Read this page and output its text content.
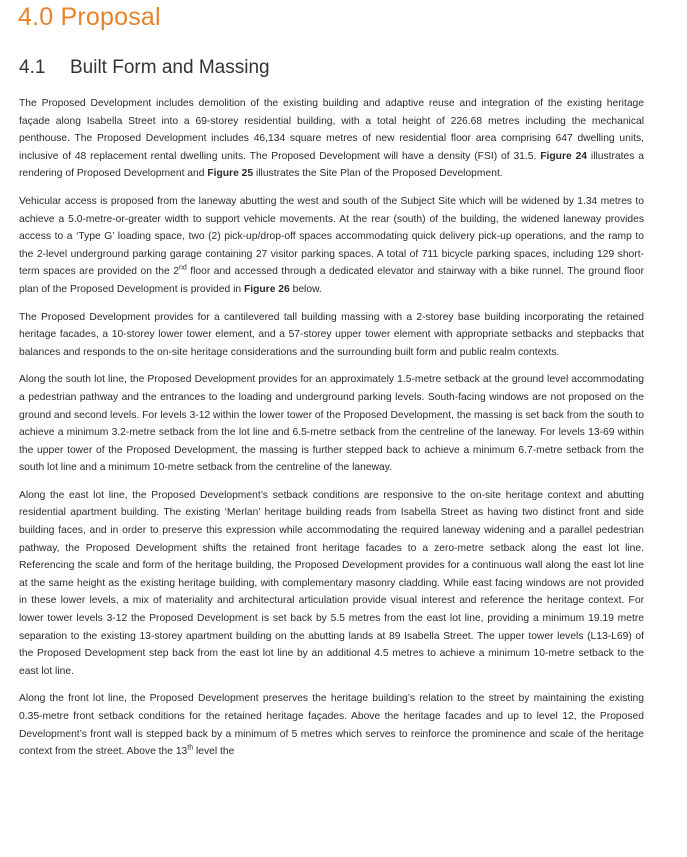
4.0 Proposal
4.1 Built Form and Massing

The Proposed Development includes demolition of the existing building and adaptive reuse and integration of the existing heritage façade along Isabella Street into a 69-storey residential building, with a total height of 226.68 metres including the mechanical penthouse. The Proposed Development includes 46,134 square metres of new residential floor area comprising 647 dwelling units, inclusive of 48 replacement rental dwelling units. The Proposed Development will have a density (FSI) of 31.5. Figure 24 illustrates a rendering of Proposed Development and Figure 25 illustrates the Site Plan of the Proposed Development.

Vehicular access is proposed from the laneway abutting the west and south of the Subject Site which will be widened by 1.34 metres to achieve a 5.0-metre-or-greater width to support vehicle movements. At the rear (south) of the building, the widened laneway provides access to a ‘Type G’ loading space, two (2) pick-up/drop-off spaces accommodating quick delivery pick-up operations, and the ramp to the 2-level underground parking garage containing 27 visitor parking spaces. A total of 711 bicycle parking spaces, including 129 short-term spaces are provided on the 2nd floor and accessed through a dedicated elevator and stairway with a bike runnel. The ground floor plan of the Proposed Development is provided in Figure 26 below.

The Proposed Development provides for a cantilevered tall building massing with a 2-storey base building incorporating the retained heritage facades, a 10-storey lower tower element, and a 57-storey upper tower element with appropriate setbacks and stepbacks that balances and responds to the on-site heritage considerations and the surrounding built form and public realm contexts.

Along the south lot line, the Proposed Development provides for an approximately 1.5-metre setback at the ground level accommodating a pedestrian pathway and the entrances to the loading and underground parking levels. South-facing windows are not proposed on the ground and second levels. For levels 3-12 within the lower tower of the Proposed Development, the massing is set back from the south to achieve a minimum 3.2-metre setback from the lot line and 6.5-metre setback from the centreline of the laneway. For levels 13-69 within the upper tower of the Proposed Development, the massing is further stepped back to achieve a minimum 6.7-metre setback from the south lot line and a minimum 10-metre setback from the centreline of the laneway.

Along the east lot line, the Proposed Development’s setback conditions are responsive to the on-site heritage context and abutting residential apartment building. The existing ‘Merlan’ heritage building reads from Isabella Street as having two distinct front and side building faces, and in order to preserve this expression while accommodating the required laneway widening and a parallel pedestrian pathway, the Proposed Development shifts the retained front heritage facades to a zero-metre setback along the east lot line. Referencing the scale and form of the heritage building, the Proposed Development provides for a continuous wall along the east lot line at the same height as the existing heritage building, with complementary masonry cladding. While east facing windows are not provided in these lower levels, a mix of materiality and architectural articulation provide visual interest and reference the heritage context. For lower tower levels 3-12 the Proposed Development is set back by 5.5 metres from the east lot line, providing a minimum 19.19 metre separation to the existing 13-storey apartment building on the abutting lands at 89 Isabella Street. The upper tower levels (L13-L69) of the Proposed Development step back from the east lot line by an additional 4.5 metres to achieve a minimum 10-metre setback to the east lot line.

Along the front lot line, the Proposed Development preserves the heritage building’s relation to the street by maintaining the existing 0.35-metre front setback conditions for the retained heritage façades. Above the heritage facades and up to level 12, the Proposed Development’s front wall is stepped back by a minimum of 5 metres which serves to reinforce the prominence and scale of the heritage context from the street. Above the 13th level the
